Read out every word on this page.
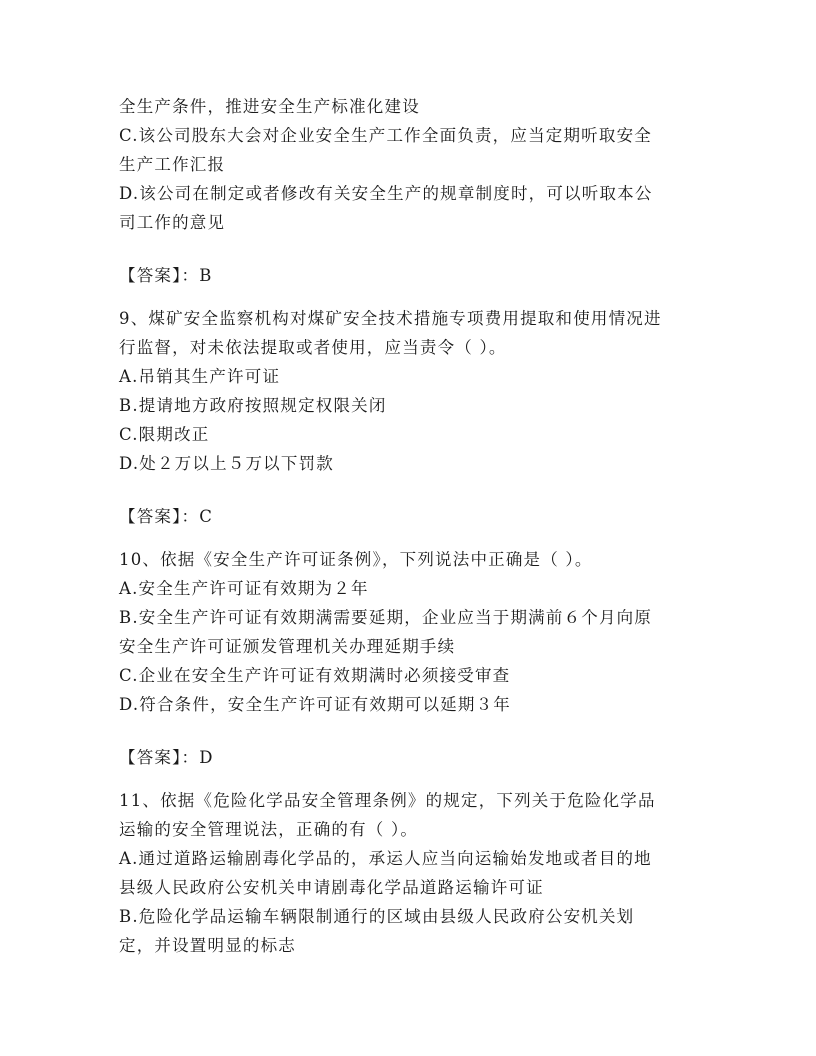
全生产条件，推进安全生产标准化建设
C.该公司股东大会对企业安全生产工作全面负责，应当定期听取安全
生产工作汇报
D.该公司在制定或者修改有关安全生产的规章制度时，可以听取本公
司工作的意见
【答案】：B
9、煤矿安全监察机构对煤矿安全技术措施专项费用提取和使用情况进
行监督，对未依法提取或者使用，应当责令（ ）。
A.吊销其生产许可证
B.提请地方政府按照规定权限关闭
C.限期改正
D.处２万以上５万以下罚款
【答案】：C
10、依据《安全生产许可证条例》，下列说法中正确是（ ）。
A.安全生产许可证有效期为２年
B.安全生产许可证有效期满需要延期，企业应当于期满前６个月向原
安全生产许可证颁发管理机关办理延期手续
C.企业在安全生产许可证有效期满时必须接受审查
D.符合条件，安全生产许可证有效期可以延期３年
【答案】：D
11、依据《危险化学品安全管理条例》的规定，下列关于危险化学品
运输的安全管理说法，正确的有（ ）。
A.通过道路运输剧毒化学品的，承运人应当向运输始发地或者目的地
县级人民政府公安机关申请剧毒化学品道路运输许可证
B.危险化学品运输车辆限制通行的区域由县级人民政府公安机关划
定，并设置明显的标志
